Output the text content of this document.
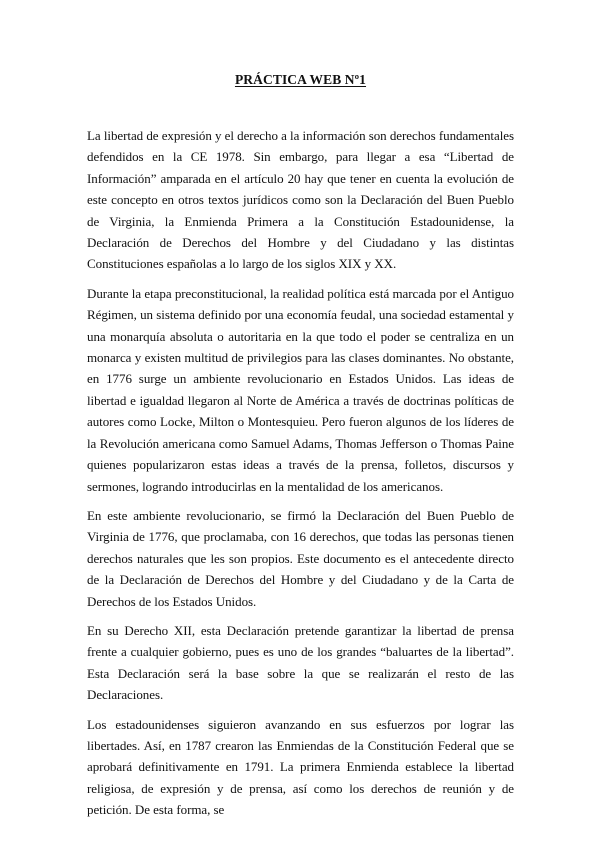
PRÁCTICA WEB Nº1

La libertad de expresión y el derecho a la información son derechos fundamentales defendidos en la CE 1978. Sin embargo, para llegar a esa “Libertad de Información” amparada en el artículo 20 hay que tener en cuenta la evolución de este concepto en otros textos jurídicos como son la Declaración del Buen Pueblo de Virginia, la Enmienda Primera a la Constitución Estadounidense, la Declaración de Derechos del Hombre y del Ciudadano y las distintas Constituciones españolas a lo largo de los siglos XIX y XX.

Durante la etapa preconstitucional, la realidad política está marcada por el Antiguo Régimen, un sistema definido por una economía feudal, una sociedad estamental y una monarquía absoluta o autoritaria en la que todo el poder se centraliza en un monarca y existen multitud de privilegios para las clases dominantes. No obstante, en 1776 surge un ambiente revolucionario en Estados Unidos. Las ideas de libertad e igualdad llegaron al Norte de América a través de doctrinas políticas de autores como Locke, Milton o Montesquieu. Pero fueron algunos de los líderes de la Revolución americana como Samuel Adams, Thomas Jefferson o Thomas Paine quienes popularizaron estas ideas a través de la prensa, folletos, discursos y sermones, logrando introducirlas en la mentalidad de los americanos.

En este ambiente revolucionario, se firmó la Declaración del Buen Pueblo de Virginia de 1776, que proclamaba, con 16 derechos, que todas las personas tienen derechos naturales que les son propios. Este documento es el antecedente directo de la Declaración de Derechos del Hombre y del Ciudadano y de la Carta de Derechos de los Estados Unidos.

En su Derecho XII, esta Declaración pretende garantizar la libertad de prensa frente a cualquier gobierno, pues es uno de los grandes “baluartes de la libertad”. Esta Declaración será la base sobre la que se realizarán el resto de las Declaraciones.

Los estadounidenses siguieron avanzando en sus esfuerzos por lograr las libertades. Así, en 1787 crearon las Enmiendas de la Constitución Federal que se aprobará definitivamente en 1791. La primera Enmienda establece la libertad religiosa, de expresión y de prensa, así como los derechos de reunión y de petición. De esta forma, se
